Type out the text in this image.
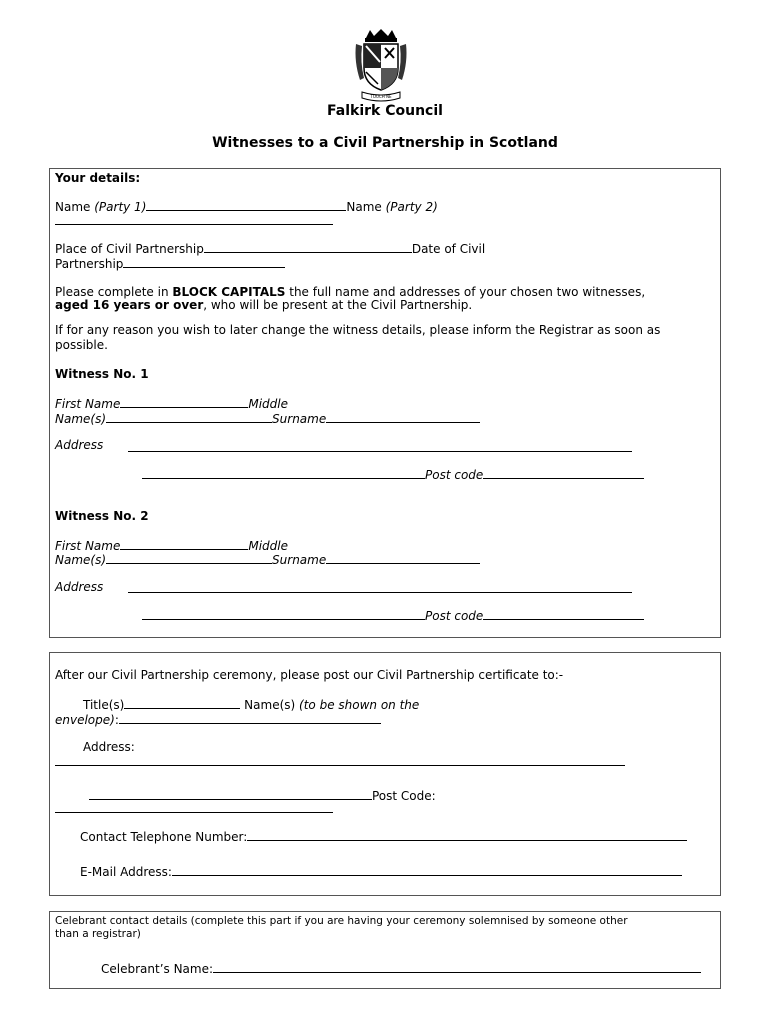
TOUCH NE
Falkirk Council
Witnesses to a Civil Partnership in Scotland
Your details:
Name (Party 1)	Name (Party 2)
Place of Civil Partnership	Date of Civil
Partnership
Please complete in BLOCK CAPITALS the full name and addresses of your chosen two witnesses,
aged 16 years or over, who will be present at the Civil Partnership.
If for any reason you wish to later change the witness details, please inform the Registrar as soon as
possible.
Witness No. 1
First Name	Middle
Name(s)	Surname
Address
Post code
Witness No. 2
First Name	Middle
Name(s)	Surname
Address
Post code
After our Civil Partnership ceremony, please post our Civil Partnership certificate to:-
Title(s)	Name(s) (to be shown on the
envelope):
Address:
Post Code:
Contact Telephone Number:
E-Mail Address:
Celebrant contact details (complete this part if you are having your ceremony solemnised by someone other
than a registrar)
Celebrant’s Name:
